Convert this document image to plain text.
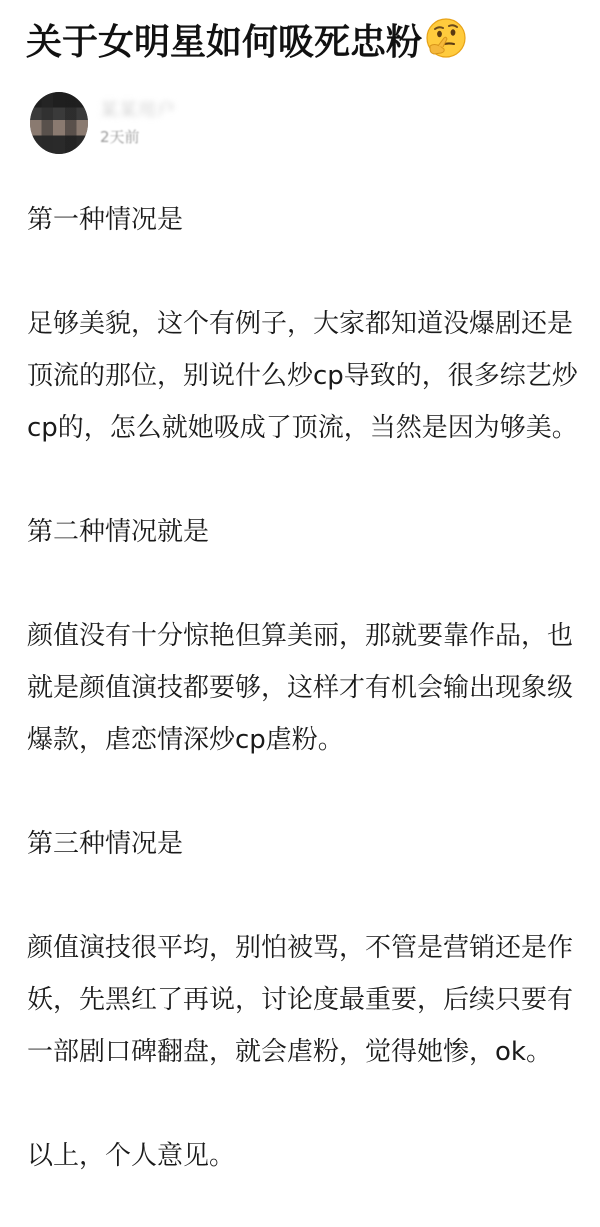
关于女明星如何吸死忠粉
某某用户
2天前

第一种情况是

足够美貌，这个有例子，大家都知道没爆剧还是顶流的那位，别说什么炒cp导致的，很多综艺炒cp的，怎么就她吸成了顶流，当然是因为够美。

第二种情况就是

颜值没有十分惊艳但算美丽，那就要靠作品，也就是颜值演技都要够，这样才有机会输出现象级爆款，虐恋情深炒cp虐粉。

第三种情况是

颜值演技很平均，别怕被骂，不管是营销还是作妖，先黑红了再说，讨论度最重要，后续只要有一部剧口碑翻盘，就会虐粉，觉得她惨，ok。

以上，个人意见。
